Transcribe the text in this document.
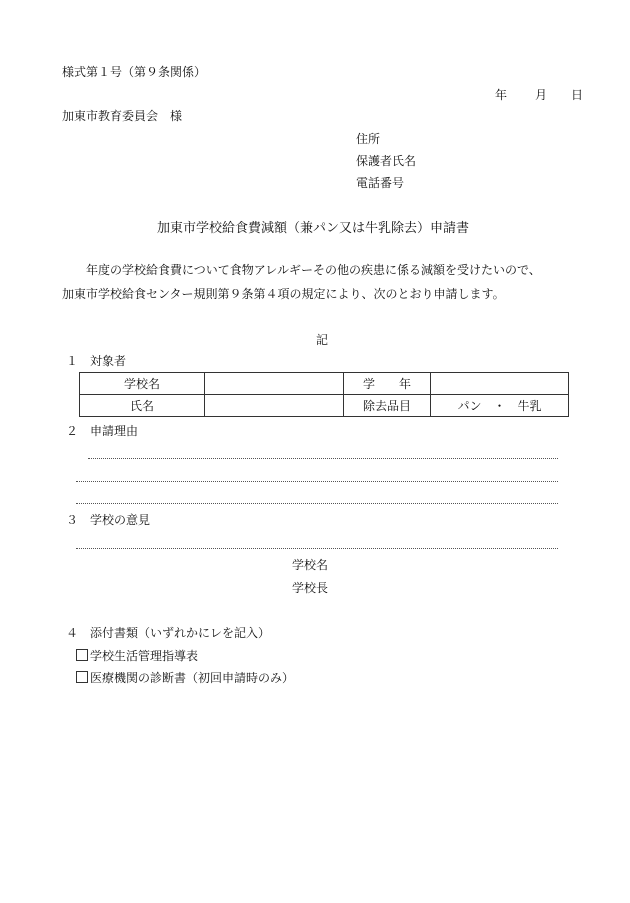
様式第１号（第９条関係）
年 月 日
加東市教育委員会　様
住所
保護者氏名
電話番号
加東市学校給食費減額（兼パン又は牛乳除去）申請書
年度の学校給食費について食物アレルギーその他の疾患に係る減額を受けたいので、
加東市学校給食センター規則第９条第４項の規定により、次のとおり申請します。
記
１　対象者
学校名		学　　年	
氏名		除去品目	パン　・　牛乳
２　申請理由
３　学校の意見
学校名
学校長
４　添付書類（いずれかにレを記入）
学校生活管理指導表
医療機関の診断書（初回申請時のみ）
